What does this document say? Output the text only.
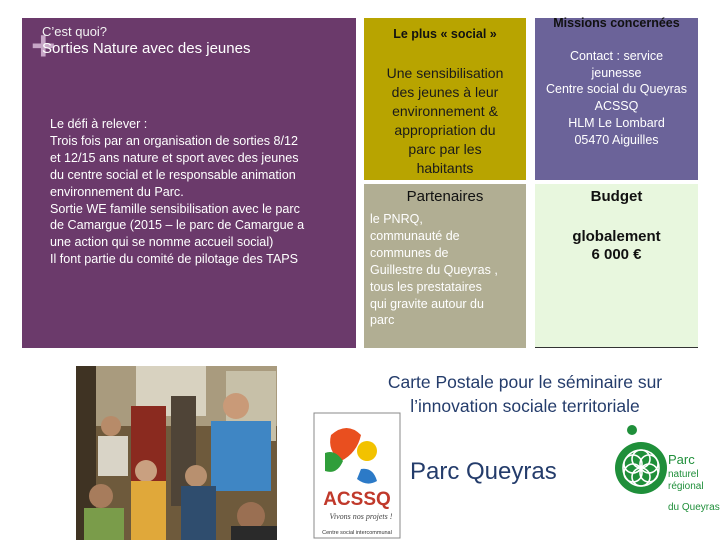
+
C’est quoi?
Sorties Nature avec des jeunes
Le défi à relever :
Trois fois par an organisation de sorties 8/12
et 12/15 ans nature et sport avec des jeunes
du centre social et le responsable animation
environnement du Parc.
Sortie WE famille sensibilisation avec le parc
de Camargue (2015 – le parc de Camargue a
une action qui se nomme accueil social)
Il font partie du comité de pilotage des TAPS
Le plus « social »
Une sensibilisation
des jeunes à leur
environnement &
appropriation du
parc par les
habitants
Missions concernées
Contact : service
jeunesse
Centre social du Queyras
ACSSQ
HLM Le Lombard
05470 Aiguilles
Partenaires
le PNRQ,
communauté de
communes de
Guillestre du Queyras ,
tous les prestataires
qui gravite autour du
parc
Budget
globalement
6 000 €
Carte Postale pour le séminaire sur
l’innovation sociale territoriale
Parc Queyras
ACSSQ
Vivons nos projets !
Centre social intercommunal
Parc
naturel
régional
du Queyras
